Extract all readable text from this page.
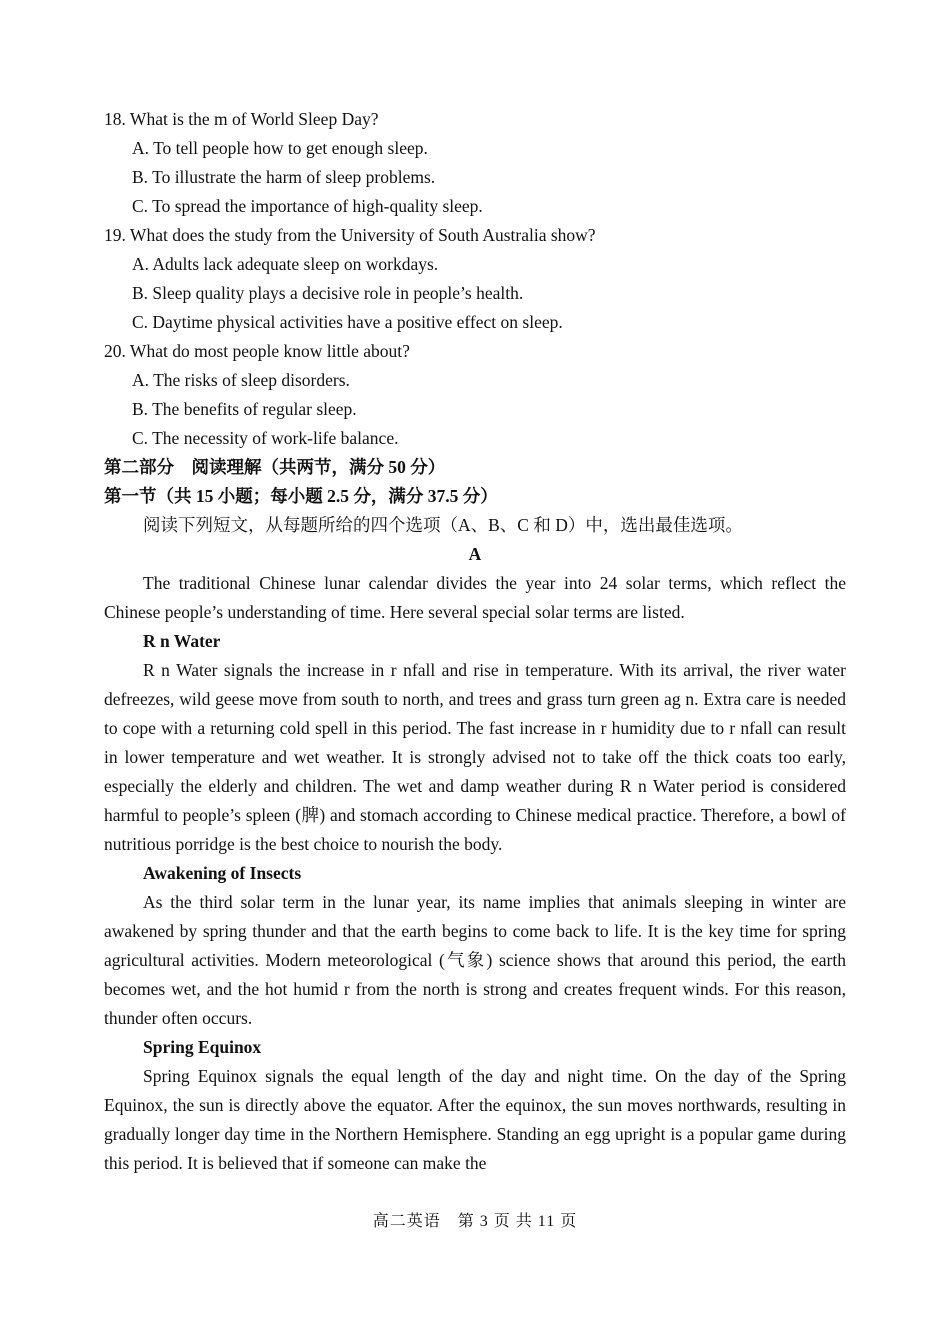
18. What is the m of World Sleep Day?
A. To tell people how to get enough sleep.
B. To illustrate the harm of sleep problems.
C. To spread the importance of high-quality sleep.
19. What does the study from the University of South Australia show?
A. Adults lack adequate sleep on workdays.
B. Sleep quality plays a decisive role in people’s health.
C. Daytime physical activities have a positive effect on sleep.
20. What do most people know little about?
A. The risks of sleep disorders.
B. The benefits of regular sleep.
C. The necessity of work-life balance.
第二部分　阅读理解（共两节，满分 50 分）
第一节（共 15 小题；每小题 2.5 分，满分 37.5 分）
阅读下列短文，从每题所给的四个选项（A、B、C 和 D）中，选出最佳选项。
A

The traditional Chinese lunar calendar divides the year into 24 solar terms, which reflect the Chinese people’s understanding of time. Here several special solar terms are listed.

R n Water

R n Water signals the increase in r nfall and rise in temperature. With its arrival, the river water defreezes, wild geese move from south to north, and trees and grass turn green ag n. Extra care is needed to cope with a returning cold spell in this period. The fast increase in r humidity due to r nfall can result in lower temperature and wet weather. It is strongly advised not to take off the thick coats too early, especially the elderly and children. The wet and damp weather during R n Water period is considered harmful to people’s spleen (脾) and stomach according to Chinese medical practice. Therefore, a bowl of nutritious porridge is the best choice to nourish the body.

Awakening of Insects

As the third solar term in the lunar year, its name implies that animals sleeping in winter are awakened by spring thunder and that the earth begins to come back to life. It is the key time for spring agricultural activities. Modern meteorological (气象) science shows that around this period, the earth becomes wet, and the hot humid r from the north is strong and creates frequent winds. For this reason, thunder often occurs.

Spring Equinox

Spring Equinox signals the equal length of the day and night time. On the day of the Spring Equinox, the sun is directly above the equator. After the equinox, the sun moves northwards, resulting in gradually longer day time in the Northern Hemisphere. Standing an egg upright is a popular game during this period. It is believed that if someone can make the

高二英语 第 3 页 共 11 页
